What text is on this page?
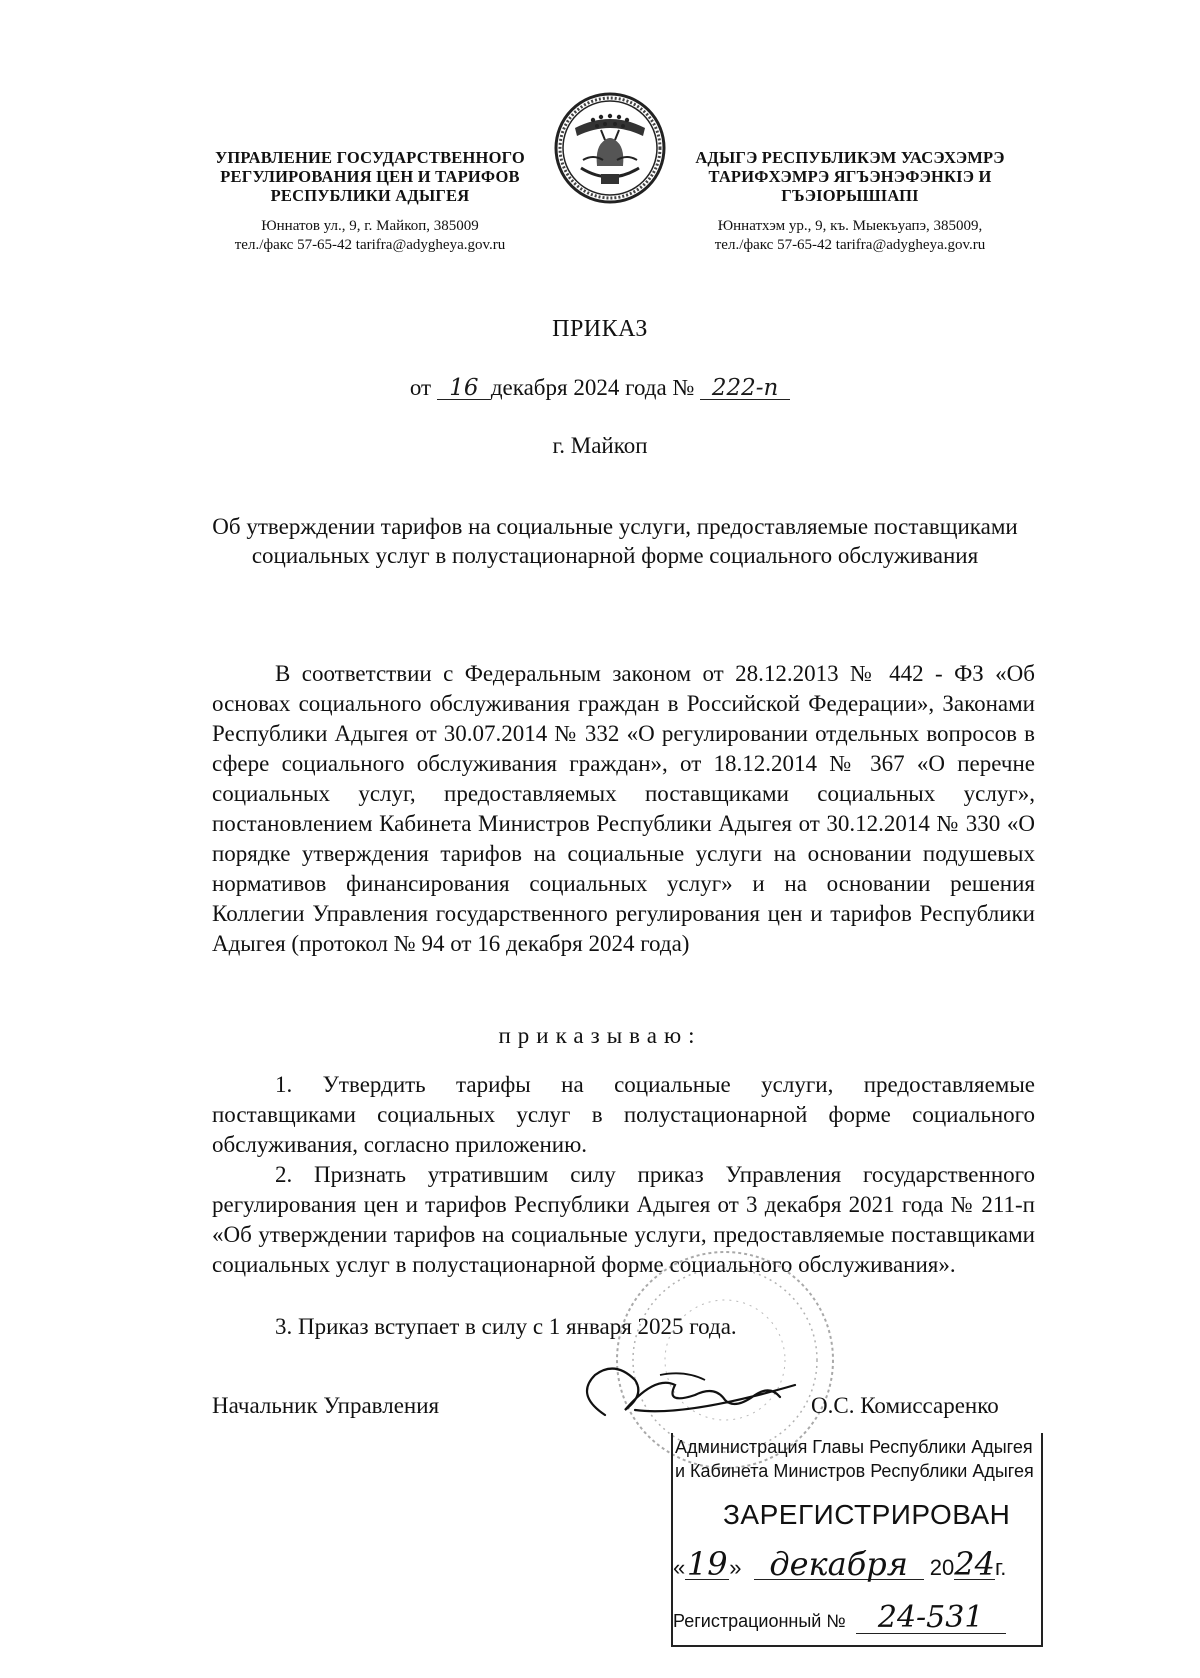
УПРАВЛЕНИЕ ГОСУДАРСТВЕННОГО
РЕГУЛИРОВАНИЯ ЦЕН И ТАРИФОВ
РЕСПУБЛИКИ АДЫГЕЯ
Юннатов ул., 9, г. Майкоп, 385009
тел./факс 57-65-42 tarifra@adygheya.gov.ru
АДЫГЭ РЕСПУБЛИКЭМ УАСЭХЭМРЭ
ТАРИФХЭМРЭ ЯГЪЭНЭФЭНКIЭ И
ГЪЭIОРЫШIАПI
Юннатхэм ур., 9, къ. Мыекъуапэ, 385009,
тел./факс 57-65-42 tarifra@adygheya.gov.ru
ПРИКАЗ
от 16 декабря 2024 года № 222-п
г. Майкоп
Об утверждении тарифов на социальные услуги, предоставляемые поставщиками социальных услуг в полустационарной форме социального обслуживания

В соответствии с Федеральным законом от 28.12.2013 № 442 - ФЗ «Об основах социального обслуживания граждан в Российской Федерации», Законами Республики Адыгея от 30.07.2014 № 332 «О регулировании отдельных вопросов в сфере социального обслуживания граждан», от 18.12.2014 № 367 «О перечне социальных услуг, предоставляемых поставщиками социальных услуг», постановлением Кабинета Министров Республики Адыгея от 30.12.2014 № 330 «О порядке утверждения тарифов на социальные услуги на основании подушевых нормативов финансирования социальных услуг» и на основании решения Коллегии Управления государственного регулирования цен и тарифов Республики Адыгея (протокол № 94 от 16 декабря 2024 года)

приказываю:

1. Утвердить тарифы на социальные услуги, предоставляемые поставщиками социальных услуг в полустационарной форме социального обслуживания, согласно приложению.

2. Признать утратившим силу приказ Управления государственного регулирования цен и тарифов Республики Адыгея от 3 декабря 2021 года № 211-п «Об утверждении тарифов на социальные услуги, предоставляемые поставщиками социальных услуг в полустационарной форме социального обслуживания».

3. Приказ вступает в силу с 1 января 2025 года.

Начальник Управления	О.С. Комиссаренко
Администрация Главы Республики Адыгея
и Кабинета Министров Республики Адыгея
ЗАРЕГИСТРИРОВАН
«19» декабря 2024г.
Регистрационный № 24-531
